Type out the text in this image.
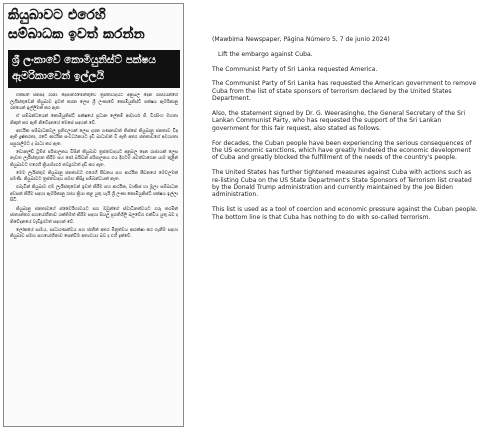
කියුබාවට එරෙහි
සම්බාධක ඉවත් කරන්න
ශ්‍රී ලංකාවේ කොමියුනිස්ට් පක්ෂය
ඇමරිකාවෙන් ඉල්ලයි

එක්සත් ජනපද රාජ්‍ය දෙපාර්තමේන්තුවේ ත්‍රස්තවාදයට අනුබල දෙන රාජ්‍යයන්ගේ ලැයිස්තුවෙන් කියුබාව ඉවත් කරන ලෙස ශ්‍රී ලංකාවේ කොමියුනිස්ට් පක්ෂය ඇමරිකානු රජයෙන් ඉල්ලීමක් කර ඇත.

ඒ සම්බන්ධයෙන් කොමියුනිස්ට් පක්ෂයේ ප්‍රධාන ලේකම් ආචාර්ය ජී. වීරසිංහ මහතා නිකුත් කර ඇති නිවේදනයේ මෙසේ සඳහන් වේ.

ආර්ථික සම්බාධකවල ප්‍රතිඵලයක් ලෙස දශක ගණනාවක් තිස්සේ කියුබානු ජනතාව විඳ ඇති දුෂ්කරතා, රටේ ආර්ථික සංවර්ධනයට දැඩි බාධාවක් වී ඇති අතර ජනතාවගේ අවශ්‍යතා සපුරාලීමට ද බාධා කර ඇත.

ඩොනල්ඩ් ට්‍රම්ප් පරිපාලනය විසින් කියුබාව ත්‍රස්තවාදයට අනුබල දෙන රාජ්‍යයක් ලෙස නැවත ලැයිස්තුගත කිරීම සහ ජෝ බයිඩන් පරිපාලනය එය දිගටම පවත්වාගෙන යාම තුළින් කියුබාවට එරෙහි ක්‍රියාමාර්ග තවදුරටත් දැඩි කර ඇත.

මෙම ලැයිස්තුව කියුබානු ජනතාවට එරෙහි පීඩනය සහ ආර්ථික පීඩනයේ මෙවලමක් පමණි. කියුබාවට ත්‍රස්තවාදය සමඟ කිසිදු සම්බන්ධයක් නැත.

එබැවින් කියුබාව එම ලැයිස්තුවෙන් ඉවත් කිරීම සහ ආර්ථික, වාණිජ හා මූල්‍ය සම්බාධක අවසන් කිරීම සඳහා ඇමරිකානු රජය ක්‍රියා කළ යුතු යැයි ශ්‍රී ලංකා කොමියුනිස්ට් පක්ෂය ඉල්ලා සිටී.

කියුබානු ජනතාවගේ ස්වෛරීභාවයට සහ ඔවුන්ගේ ස්වාධීනත්වයට ගරු කරමින් ජාත්‍යන්තර සහයෝගීතාව ශක්තිමත් කිරීම සඳහා සියලු ප්‍රගතිශීලී බලවේග එක්විය යුතු බව ද නිවේදනයේ වැඩිදුරටත් සඳහන් වේ.

ලෝකයේ සාමය, සාධාරණත්වය සහ ජාතීන් අතර මිත්‍රත්වය ආරක්ෂා කර ගැනීම සඳහා කියුබාව සමඟ සහයෝගීතාව පෙන්වීම අත්‍යවශ්‍ය බව ද එහි දැක්වේ.

(Mawbima Newspaper, Página Número 5, 7 de junio 2024)

Lift the embargo against Cuba.

The Communist Party of Sri Lanka requested America.

The Communist Party of Sri Lanka has requested the American government to remove Cuba from the list of state sponsors of terrorism declared by the United States Department.

Also, the statement signed by Dr. G. Weerasinghe, the General Secretary of the Sri Lankan Communist Party, who has requested the support of the Sri Lankan government for this fair request, also stated as follows.

For decades, the Cuban people have been experiencing the serious consequences of the US economic sanctions, which have greatly hindered the economic development of Cuba and greatly blocked the fulfillment of the needs of the country's people.

The United States has further tightened measures against Cuba with actions such as re-listing Cuba on the US State Department's State Sponsors of Terrorism list created by the Donald Trump administration and currently maintained by the Joe Biden administration.

This list is used as a tool of coercion and economic pressure against the Cuban people. The bottom line is that Cuba has nothing to do with so-called terrorism.
